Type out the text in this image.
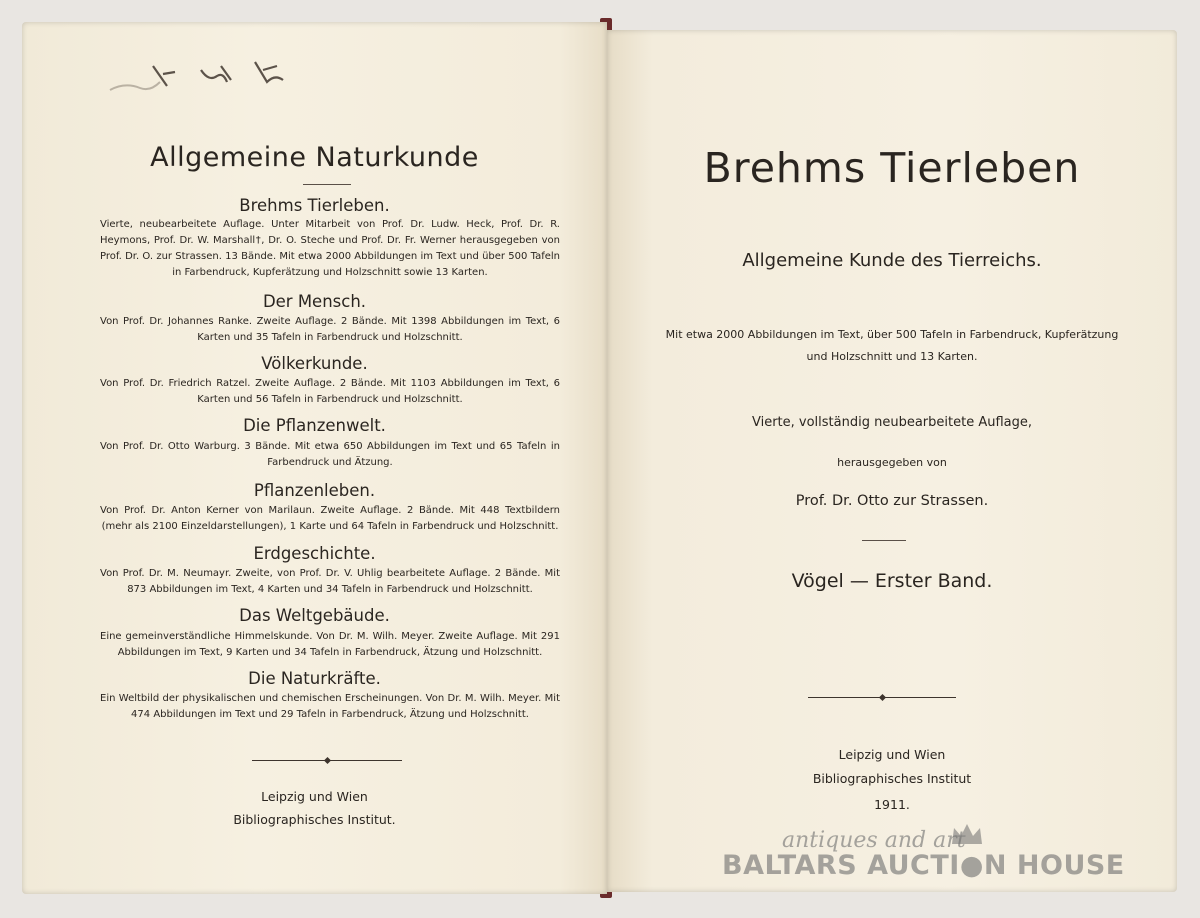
Allgemeine Naturkunde
Brehms Tierleben.
Vierte, neubearbeitete Auflage. Unter Mitarbeit von Prof. Dr. Ludw. Heck, Prof. Dr. R. Heymons, Prof. Dr. W. Marshall†, Dr. O. Steche und Prof. Dr. Fr. Werner herausgegeben von Prof. Dr. O. zur Strassen. 13 Bände. Mit etwa 2000 Abbildungen im Text und über 500 Tafeln in Farbendruck, Kupferätzung und Holzschnitt sowie 13 Karten.
Der Mensch.
Von Prof. Dr. Johannes Ranke. Zweite Auflage. 2 Bände. Mit 1398 Abbildungen im Text, 6 Karten und 35 Tafeln in Farbendruck und Holzschnitt.
Völkerkunde.
Von Prof. Dr. Friedrich Ratzel. Zweite Auflage. 2 Bände. Mit 1103 Abbildungen im Text, 6 Karten und 56 Tafeln in Farbendruck und Holzschnitt.
Die Pflanzenwelt.
Von Prof. Dr. Otto Warburg. 3 Bände. Mit etwa 650 Abbildungen im Text und 65 Tafeln in Farbendruck und Ätzung.
Pflanzenleben.
Von Prof. Dr. Anton Kerner von Marilaun. Zweite Auflage. 2 Bände. Mit 448 Textbildern (mehr als 2100 Einzeldarstellungen), 1 Karte und 64 Tafeln in Farbendruck und Holzschnitt.
Erdgeschichte.
Von Prof. Dr. M. Neumayr. Zweite, von Prof. Dr. V. Uhlig bearbeitete Auflage. 2 Bände. Mit 873 Abbildungen im Text, 4 Karten und 34 Tafeln in Farbendruck und Holzschnitt.
Das Weltgebäude.
Eine gemeinverständliche Himmelskunde. Von Dr. M. Wilh. Meyer. Zweite Auflage. Mit 291 Abbildungen im Text, 9 Karten und 34 Tafeln in Farbendruck, Ätzung und Holzschnitt.
Die Naturkräfte.
Ein Weltbild der physikalischen und chemischen Erscheinungen. Von Dr. M. Wilh. Meyer. Mit 474 Abbildungen im Text und 29 Tafeln in Farbendruck, Ätzung und Holzschnitt.
Leipzig und Wien
Bibliographisches Institut.
Brehms Tierleben
Allgemeine Kunde des Tierreichs.
Mit etwa 2000 Abbildungen im Text, über 500 Tafeln in Farbendruck, Kupferätzung
und Holzschnitt und 13 Karten.
Vierte, vollständig neubearbeitete Auflage,
herausgegeben von
Prof. Dr. Otto zur Strassen.
Vögel — Erster Band.
Leipzig und Wien
Bibliographisches Institut
1911.
antiques and art
BALTARS AUCTI●N HOUSE
